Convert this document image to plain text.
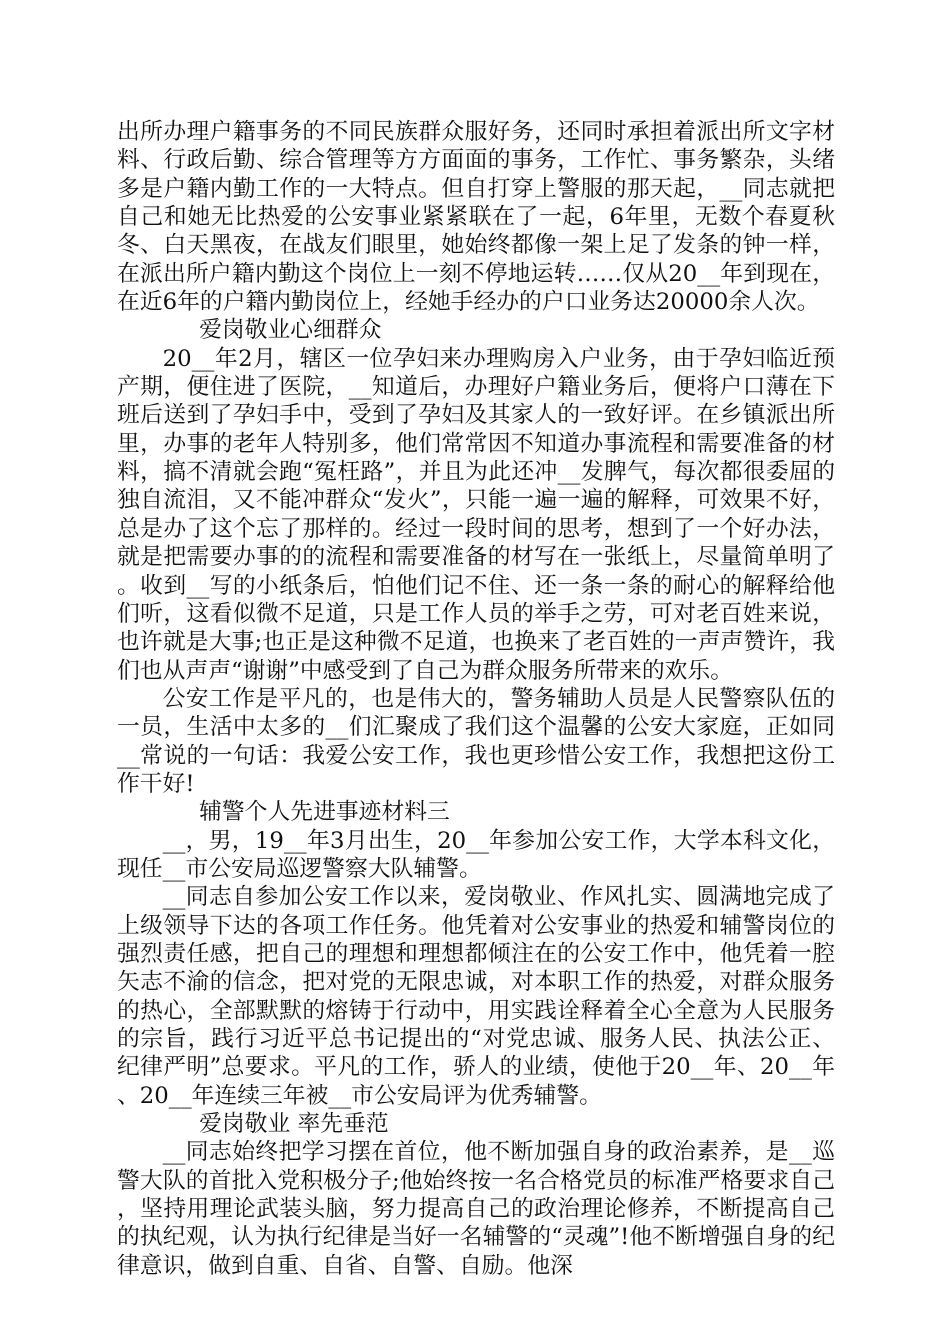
出所办理户籍事务的不同民族群众服好务，还同时承担着派出所文字材料、行政后勤、综合管理等方方面面的事务，工作忙、事务繁杂，头绪多是户籍内勤工作的一大特点。但自打穿上警服的那天起，__同志就把自己和她无比热爱的公安事业紧紧联在了一起，6年里，无数个春夏秋冬、白天黑夜，在战友们眼里，她始终都像一架上足了发条的钟一样，在派出所户籍内勤这个岗位上一刻不停地运转……仅从20__年到现在，在近6年的户籍内勤岗位上，经她手经办的户口业务达20000余人次。

爱岗敬业心细群众

20__年2月，辖区一位孕妇来办理购房入户业务，由于孕妇临近预产期，便住进了医院，__知道后，办理好户籍业务后，便将户口薄在下班后送到了孕妇手中，受到了孕妇及其家人的一致好评。在乡镇派出所里，办事的老年人特别多，他们常常因不知道办事流程和需要准备的材料，搞不清就会跑“冤枉路”，并且为此还冲__发脾气，每次都很委屈的独自流泪，又不能冲群众“发火”，只能一遍一遍的解释，可效果不好，总是办了这个忘了那样的。经过一段时间的思考，想到了一个好办法，就是把需要办事的的流程和需要准备的材写在一张纸上，尽量简单明了。收到__写的小纸条后，怕他们记不住、还一条一条的耐心的解释给他们听，这看似微不足道，只是工作人员的举手之劳，可对老百姓来说，也许就是大事;也正是这种微不足道，也换来了老百姓的一声声赞许，我们也从声声“谢谢”中感受到了自己为群众服务所带来的欢乐。

公安工作是平凡的，也是伟大的，警务辅助人员是人民警察队伍的一员，生活中太多的__们汇聚成了我们这个温馨的公安大家庭，正如同__常说的一句话：我爱公安工作，我也更珍惜公安工作，我想把这份工作干好!

辅警个人先进事迹材料三

__，男，19__年3月出生，20__年参加公安工作，大学本科文化，现任__市公安局巡逻警察大队辅警。

__同志自参加公安工作以来，爱岗敬业、作风扎实、圆满地完成了上级领导下达的各项工作任务。他凭着对公安事业的热爱和辅警岗位的强烈责任感，把自己的理想和理想都倾注在的公安工作中，他凭着一腔矢志不渝的信念，把对党的无限忠诚，对本职工作的热爱，对群众服务的热心，全部默默的熔铸于行动中，用实践诠释着全心全意为人民服务的宗旨，践行习近平总书记提出的“对党忠诚、服务人民、执法公正、纪律严明”总要求。平凡的工作，骄人的业绩，使他于20__年、20__年、20__年连续三年被__市公安局评为优秀辅警。

爱岗敬业 率先垂范

__同志始终把学习摆在首位，他不断加强自身的政治素养，是__巡警大队的首批入党积极分子;他始终按一名合格党员的标准严格要求自己，坚持用理论武装头脑，努力提高自己的政治理论修养，不断提高自己的执纪观，认为执行纪律是当好一名辅警的“灵魂”!他不断增强自身的纪律意识，做到自重、自省、自警、自励。他深
